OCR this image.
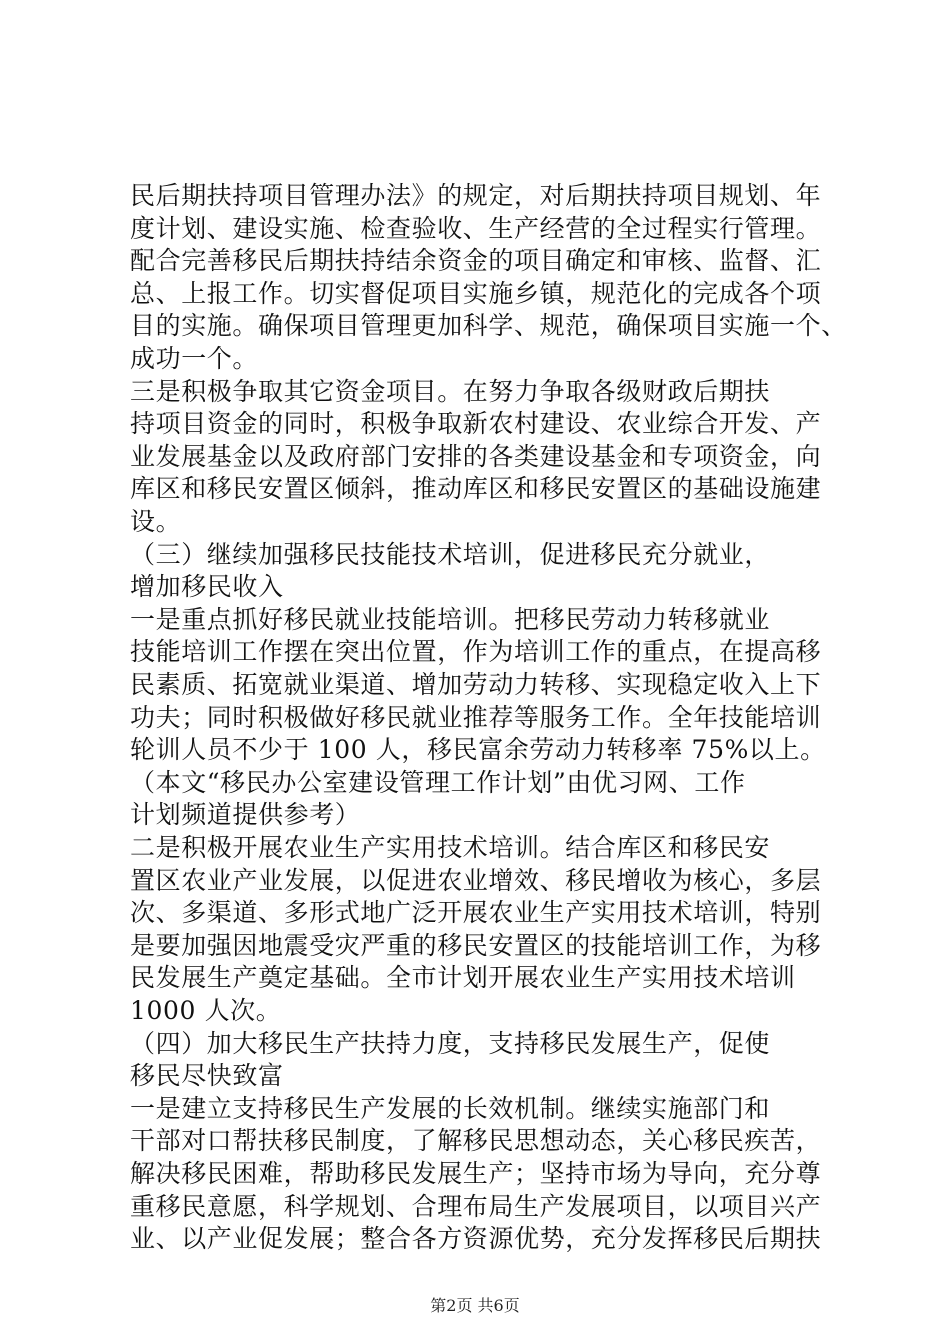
民后期扶持项目管理办法》的规定，对后期扶持项目规划、年
度计划、建设实施、检查验收、生产经营的全过程实行管理。
配合完善移民后期扶持结余资金的项目确定和审核、监督、汇
总、上报工作。切实督促项目实施乡镇，规范化的完成各个项
目的实施。确保项目管理更加科学、规范，确保项目实施一个、
成功一个。
三是积极争取其它资金项目。在努力争取各级财政后期扶
持项目资金的同时，积极争取新农村建设、农业综合开发、产
业发展基金以及政府部门安排的各类建设基金和专项资金，向
库区和移民安置区倾斜，推动库区和移民安置区的基础设施建
设。
（三）继续加强移民技能技术培训，促进移民充分就业，
增加移民收入
一是重点抓好移民就业技能培训。把移民劳动力转移就业
技能培训工作摆在突出位置，作为培训工作的重点，在提高移
民素质、拓宽就业渠道、增加劳动力转移、实现稳定收入上下
功夫；同时积极做好移民就业推荐等服务工作。全年技能培训
轮训人员不少于 100 人，移民富余劳动力转移率 75%以上。
（本文“移民办公室建设管理工作计划”由优习网、工作
计划频道提供参考）
二是积极开展农业生产实用技术培训。结合库区和移民安
置区农业产业发展，以促进农业增效、移民增收为核心，多层
次、多渠道、多形式地广泛开展农业生产实用技术培训，特别
是要加强因地震受灾严重的移民安置区的技能培训工作，为移
民发展生产奠定基础。全市计划开展农业生产实用技术培训
1000 人次。
（四）加大移民生产扶持力度，支持移民发展生产，促使
移民尽快致富
一是建立支持移民生产发展的长效机制。继续实施部门和
干部对口帮扶移民制度，了解移民思想动态，关心移民疾苦，
解决移民困难，帮助移民发展生产；坚持市场为导向，充分尊
重移民意愿，科学规划、合理布局生产发展项目，以项目兴产
业、以产业促发展；整合各方资源优势，充分发挥移民后期扶
第2页 共6页
